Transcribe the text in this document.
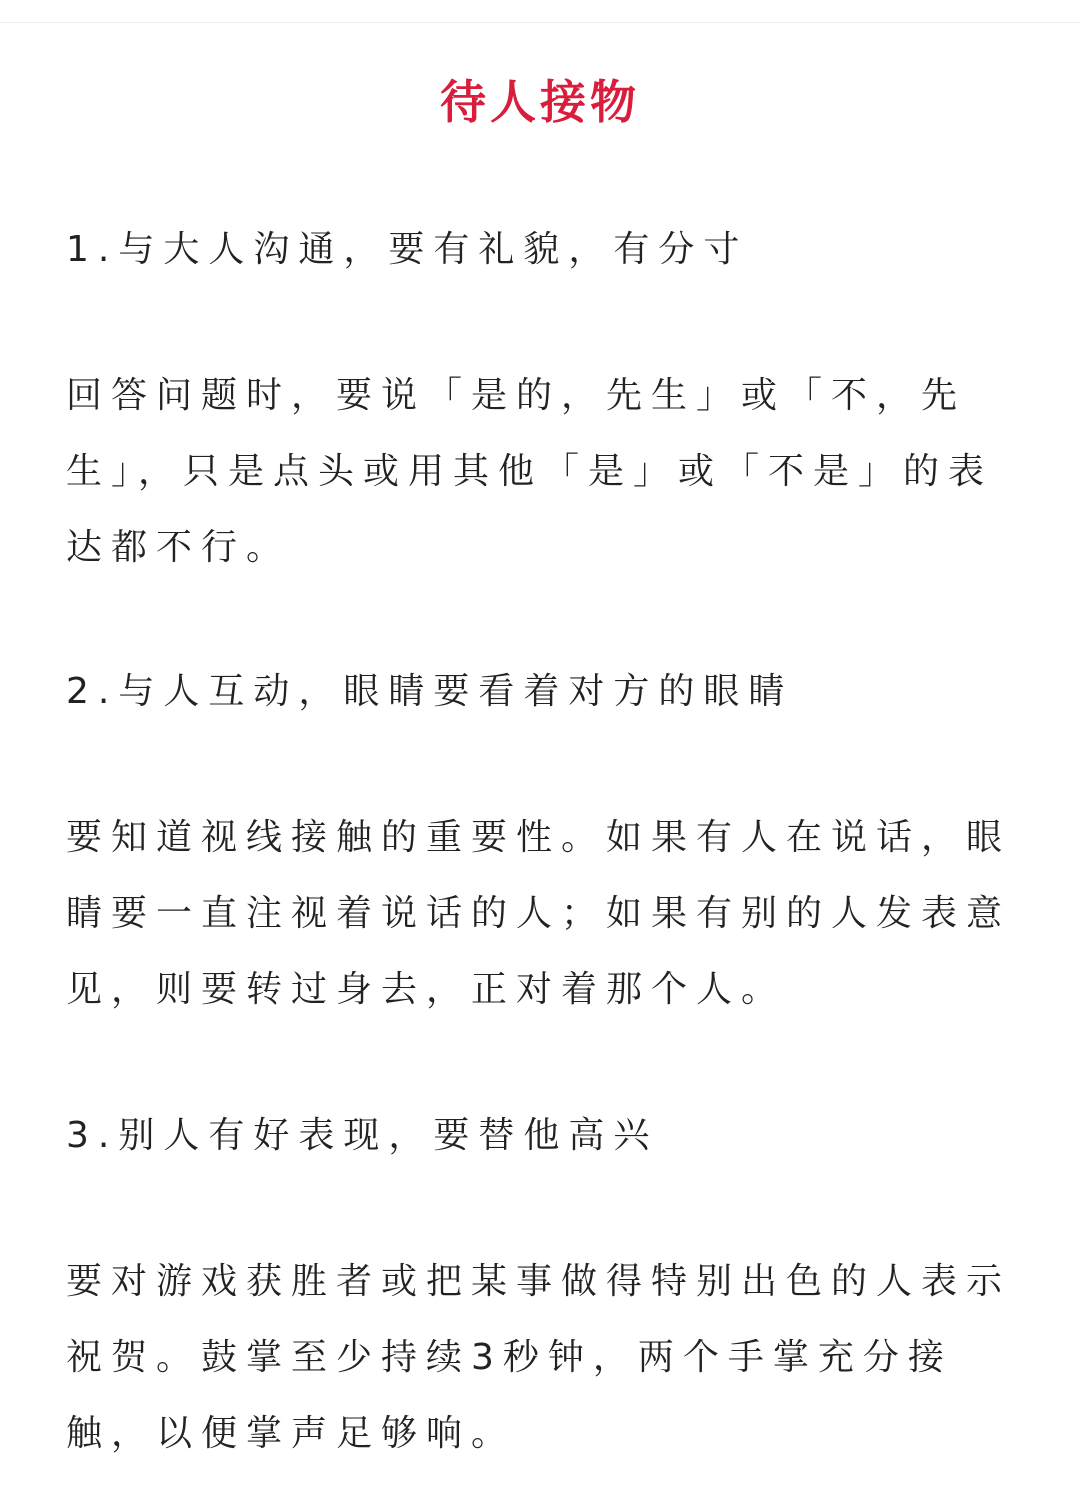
待人接物

1.与大人沟通，要有礼貌，有分寸

回答问题时，要说「是的，先生」或「不，先生」，只是点头或用其他「是」或「不是」的表达都不行。

2.与人互动，眼睛要看着对方的眼睛

要知道视线接触的重要性。如果有人在说话，眼睛要一直注视着说话的人；如果有别的人发表意见，则要转过身去，正对着那个人。

3.别人有好表现，要替他高兴

要对游戏获胜者或把某事做得特别出色的人表示祝贺。鼓掌至少持续3秒钟，两个手掌充分接触，以便掌声足够响。
